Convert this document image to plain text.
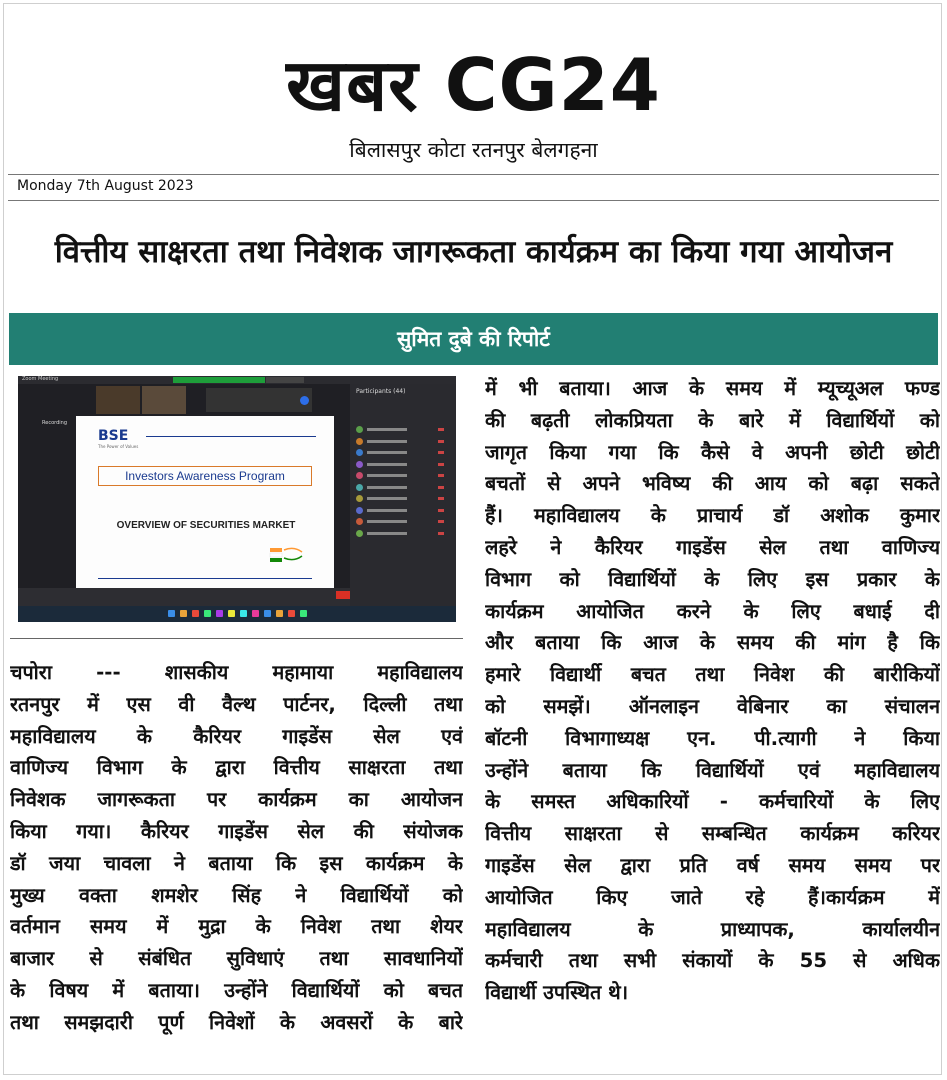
खबर CG24
बिलासपुर कोटा रतनपुर बेलगहना
Monday 7th August 2023
वित्तीय साक्षरता तथा निवेशक जागरूकता कार्यक्रम का किया गया आयोजन
सुमित दुबे की रिपोर्ट
Zoom Meeting
Recording
BSE
The Power of Values
Investors Awareness Program
OVERVIEW OF SECURITIES MARKET
Participants (44)
चपोरा --- शासकीय महामाया महाविद्यालय
रतनपुर में एस वी वैल्थ पार्टनर, दिल्ली तथा
महाविद्यालय के कैरियर गाइडेंस सेल एवं
वाणिज्य विभाग के द्वारा वित्तीय साक्षरता तथा
निवेशक जागरूकता पर कार्यक्रम का आयोजन
किया गया। कैरियर गाइडेंस सेल की संयोजक
डॉ जया चावला ने बताया कि इस कार्यक्रम के
मुख्य वक्ता शमशेर सिंह ने विद्यार्थियों को
वर्तमान समय में मुद्रा के निवेश तथा शेयर
बाजार से संबंधित सुविधाएं तथा सावधानियों
के विषय में बताया। उन्होंने विद्यार्थियों को बचत
तथा समझदारी पूर्ण निवेशों के अवसरों के बारे
में भी बताया। आज के समय में म्यूच्यूअल फण्ड
की बढ़ती लोकप्रियता के बारे में विद्यार्थियों को
जागृत किया गया कि कैसे वे अपनी छोटी छोटी
बचतों से अपने भविष्य की आय को बढ़ा सकते
हैं। महाविद्यालय के प्राचार्य डॉ अशोक कुमार
लहरे ने कैरियर गाइडेंस सेल तथा वाणिज्य
विभाग को विद्यार्थियों के लिए इस प्रकार के
कार्यक्रम आयोजित करने के लिए बधाई दी
और बताया कि आज के समय की मांग है कि
हमारे विद्यार्थी बचत तथा निवेश की बारीकियों
को समझें। ऑनलाइन वेबिनार का संचालन
बॉटनी विभागाध्यक्ष एन. पी.त्यागी ने किया
उन्होंने बताया कि विद्यार्थियों एवं महाविद्यालय
के समस्त अधिकारियों - कर्मचारियों के लिए
वित्तीय साक्षरता से सम्बन्धित कार्यक्रम करियर
गाइडेंस सेल द्वारा प्रति वर्ष समय समय पर
आयोजित किए जाते रहे हैं।कार्यक्रम में
महाविद्यालय के प्राध्यापक, कार्यालयीन
कर्मचारी तथा सभी संकायों के 55 से अधिक
विद्यार्थी उपस्थित थे।
